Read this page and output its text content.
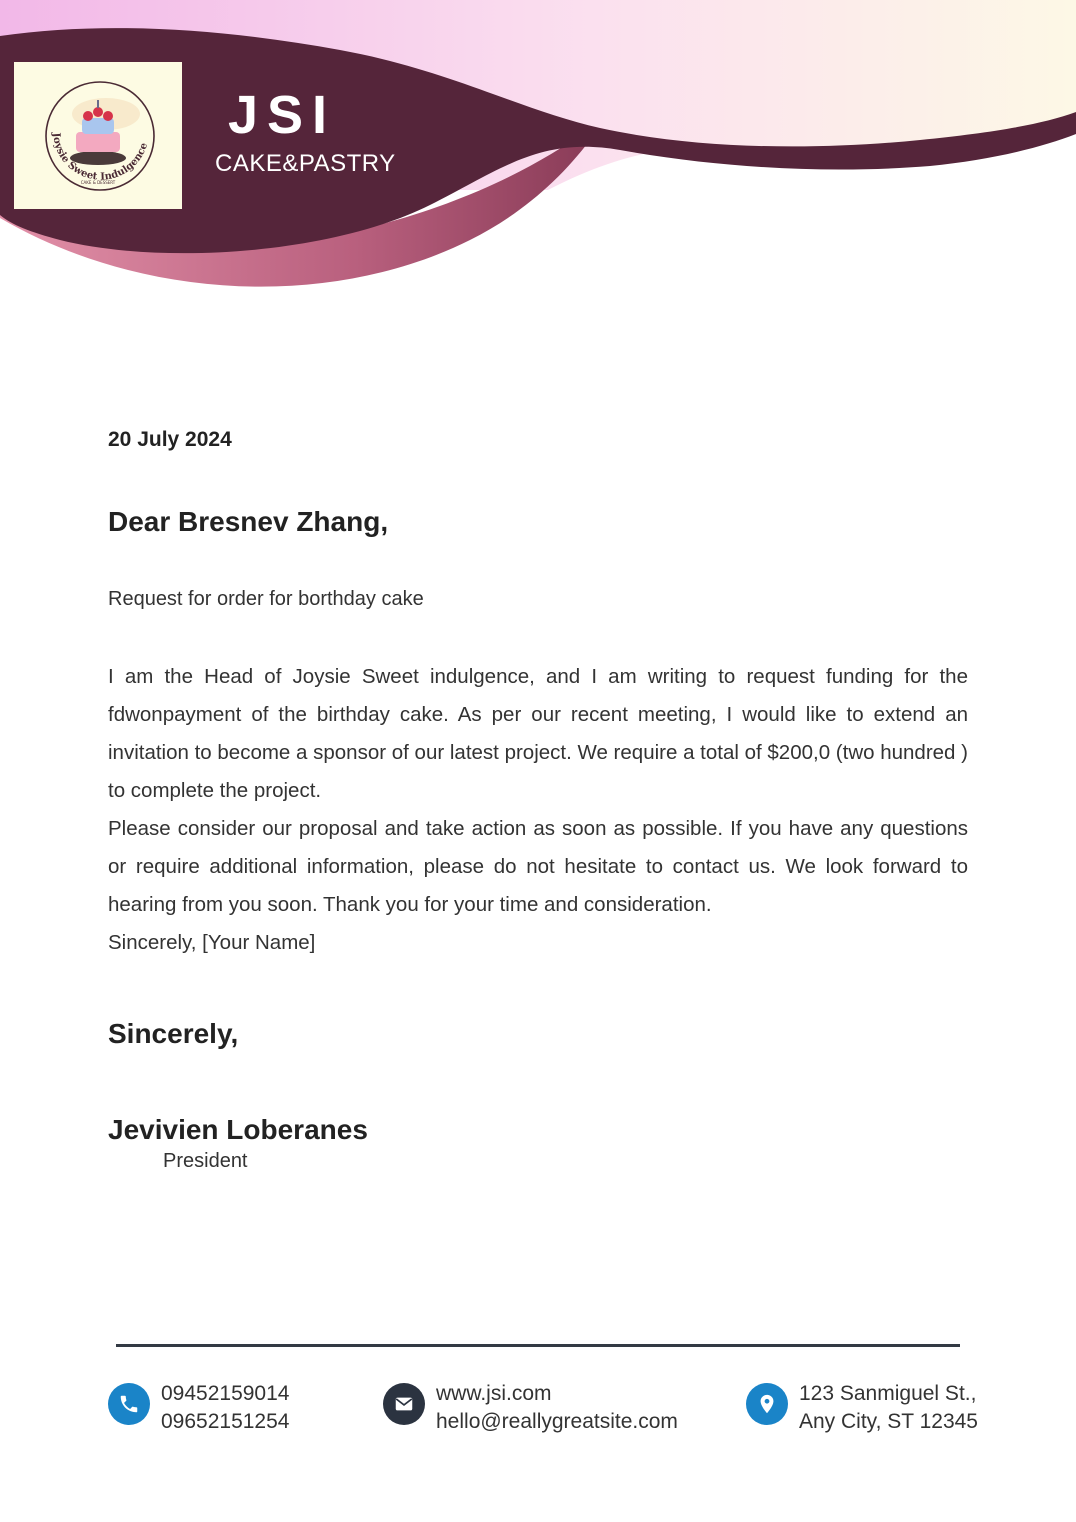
Joysie Sweet Indulgence
CAKE & DESSERT
JSI
CAKE&PASTRY
20 July 2024
Dear Bresnev Zhang,
Request for order for borthday cake

I am the Head of Joysie Sweet indulgence, and I am writing to request funding for the fdwonpayment of the birthday cake. As per our recent meeting, I would like to extend an invitation to become a sponsor of our latest project. We require a total of $200,0 (two hundred ) to complete the project.

Please consider our proposal and take action as soon as possible. If you have any questions or require additional information, please do not hesitate to contact us. We look forward to hearing from you soon. Thank you for your time and consideration.

Sincerely, [Your Name]

Sincerely,
Jevivien Loberanes
President
09452159014
09652151254
www.jsi.com
hello@reallygreatsite.com
123 Sanmiguel St.,
Any City, ST 12345
